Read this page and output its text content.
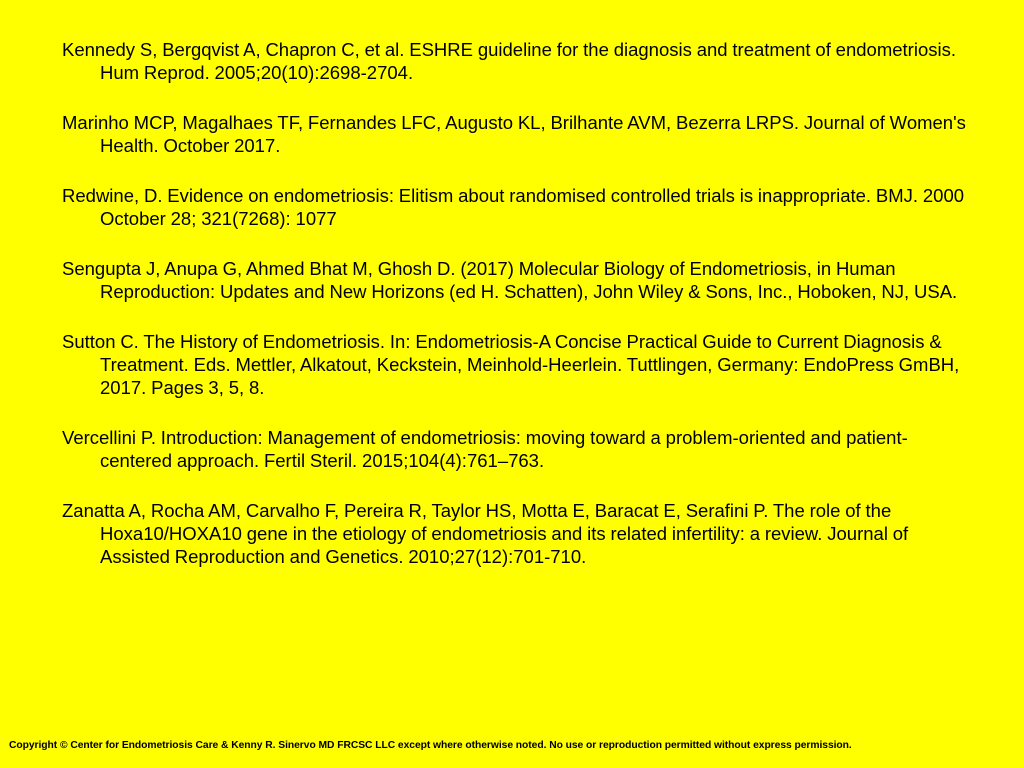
Kennedy S, Bergqvist A, Chapron C, et al. ESHRE guideline for the diagnosis and treatment of endometriosis. Hum Reprod. 2005;20(10):2698-2704.
Marinho MCP, Magalhaes TF, Fernandes LFC, Augusto KL, Brilhante AVM, Bezerra LRPS. Journal of Women's Health. October 2017.
Redwine, D. Evidence on endometriosis: Elitism about randomised controlled trials is inappropriate. BMJ. 2000 October 28; 321(7268): 1077
Sengupta J, Anupa G, Ahmed Bhat M, Ghosh D. (2017) Molecular Biology of Endometriosis, in Human Reproduction: Updates and New Horizons (ed H. Schatten), John Wiley & Sons, Inc., Hoboken, NJ, USA.
Sutton C. The History of Endometriosis. In: Endometriosis-A Concise Practical Guide to Current Diagnosis & Treatment. Eds. Mettler, Alkatout, Keckstein, Meinhold-Heerlein. Tuttlingen, Germany: EndoPress GmBH, 2017. Pages 3, 5, 8.
Vercellini P. Introduction: Management of endometriosis: moving toward a problem-oriented and patient-centered approach. Fertil Steril. 2015;104(4):761–763.
Zanatta A, Rocha AM, Carvalho F, Pereira R, Taylor HS, Motta E, Baracat E, Serafini P. The role of the Hoxa10/HOXA10 gene in the etiology of endometriosis and its related infertility: a review. Journal of Assisted Reproduction and Genetics. 2010;27(12):701-710.
Copyright © Center for Endometriosis Care & Kenny R. Sinervo MD FRCSC LLC except where otherwise noted. No use or reproduction permitted without express permission.
